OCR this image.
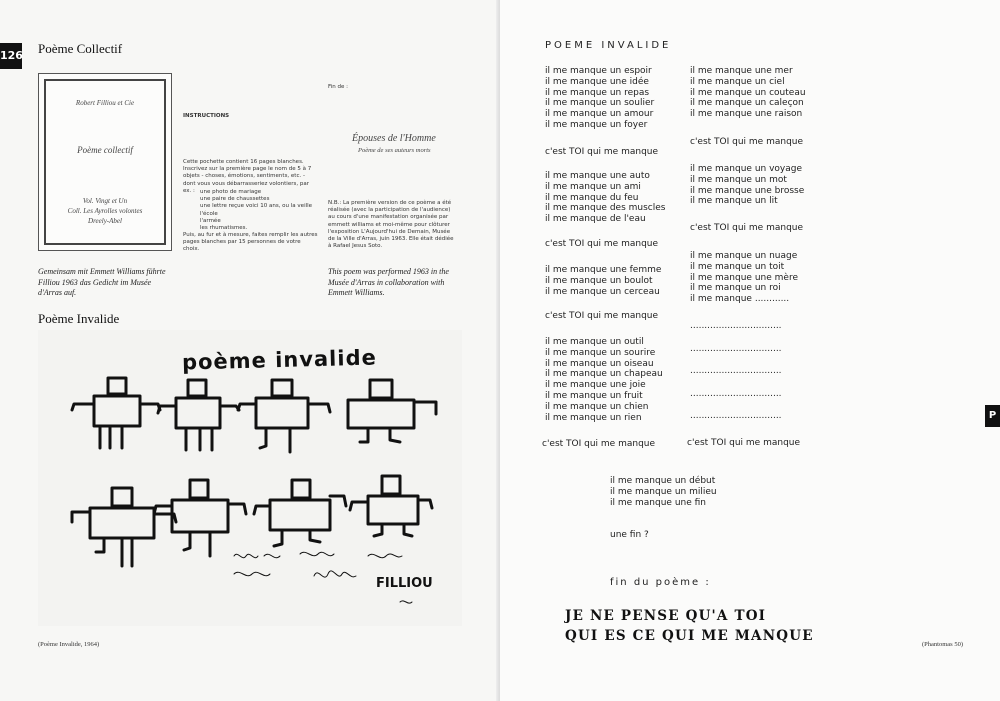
126 Poème Collectif
Robert Filliou et Cie
Poème collectif
Vol. Vingt et Un
Coll. Les Ayrolles volontes
Dreely-Abel
INSTRUCTIONS
Cette pochette contient 16 pages blanches. Inscrivez sur la première page le nom de 5 à 7 objets - choses, émotions, sentiments, etc. - dont vous vous débarrasseriez volontiers, par ex. : une photo de mariage
une paire de chaussettes
une lettre reçue voici 10 ans, ou la veille
l'école
l'armée
les rhumatismes.
Puis, au fur et à mesure, faites remplir les autres pages blanches par 15 personnes de votre choix.
Fin de :
Épouses de l'Homme
Poème de ses auteurs morts
N.B.: La première version de ce poème a été réalisée (avec la participation de l'audience) au cours d'une manifestation organisée par emmett williams et moi-même pour clôturer l'exposition L'Aujourd'hui de Demain, Musée de la Ville d'Arras, juin 1963. Elle était dédiée à Rafael Jesus Soto.
Gemeinsam mit Emmett Williams führte Filliou 1963 das Gedicht im Musée d'Arras auf.
This poem was performed 1963 in the Musée d'Arras in collaboration with Emmett Williams.
Poème Invalide
poème invalide
FILLIOU
(Poème Invalide, 1964)
POEME INVALIDE
il me manque un espoir
il me manque une idée
il me manque un repas
il me manque un soulier
il me manque un amour
il me manque un foyer
c'est TOI qui me manque
il me manque une auto
il me manque un ami
il me manque du feu
il me manque des muscles
il me manque de l'eau
c'est TOI qui me manque
il me manque une femme
il me manque un boulot
il me manque un cerceau
c'est TOI qui me manque
il me manque un outil
il me manque un sourire
il me manque un oiseau
il me manque un chapeau
il me manque une joie
il me manque un fruit
il me manque un chien
il me manque un rien
c'est TOI qui me manque
il me manque une mer
il me manque un ciel
il me manque un couteau
il me manque un caleçon
il me manque une raison
c'est TOI qui me manque
il me manque un voyage
il me manque un mot
il me manque une brosse
il me manque un lit
c'est TOI qui me manque
il me manque un nuage
il me manque un toit
il me manque une mère
il me manque un roi
il me manque ............
................................
................................
................................
................................
................................
c'est TOI qui me manque
il me manque un début
il me manque un milieu
il me manque une fin
une fin ?
fin du poème :
JE NE PENSE QU'A TOI
QUI ES CE QUI ME MANQUE
(Phantomas 50)
P
